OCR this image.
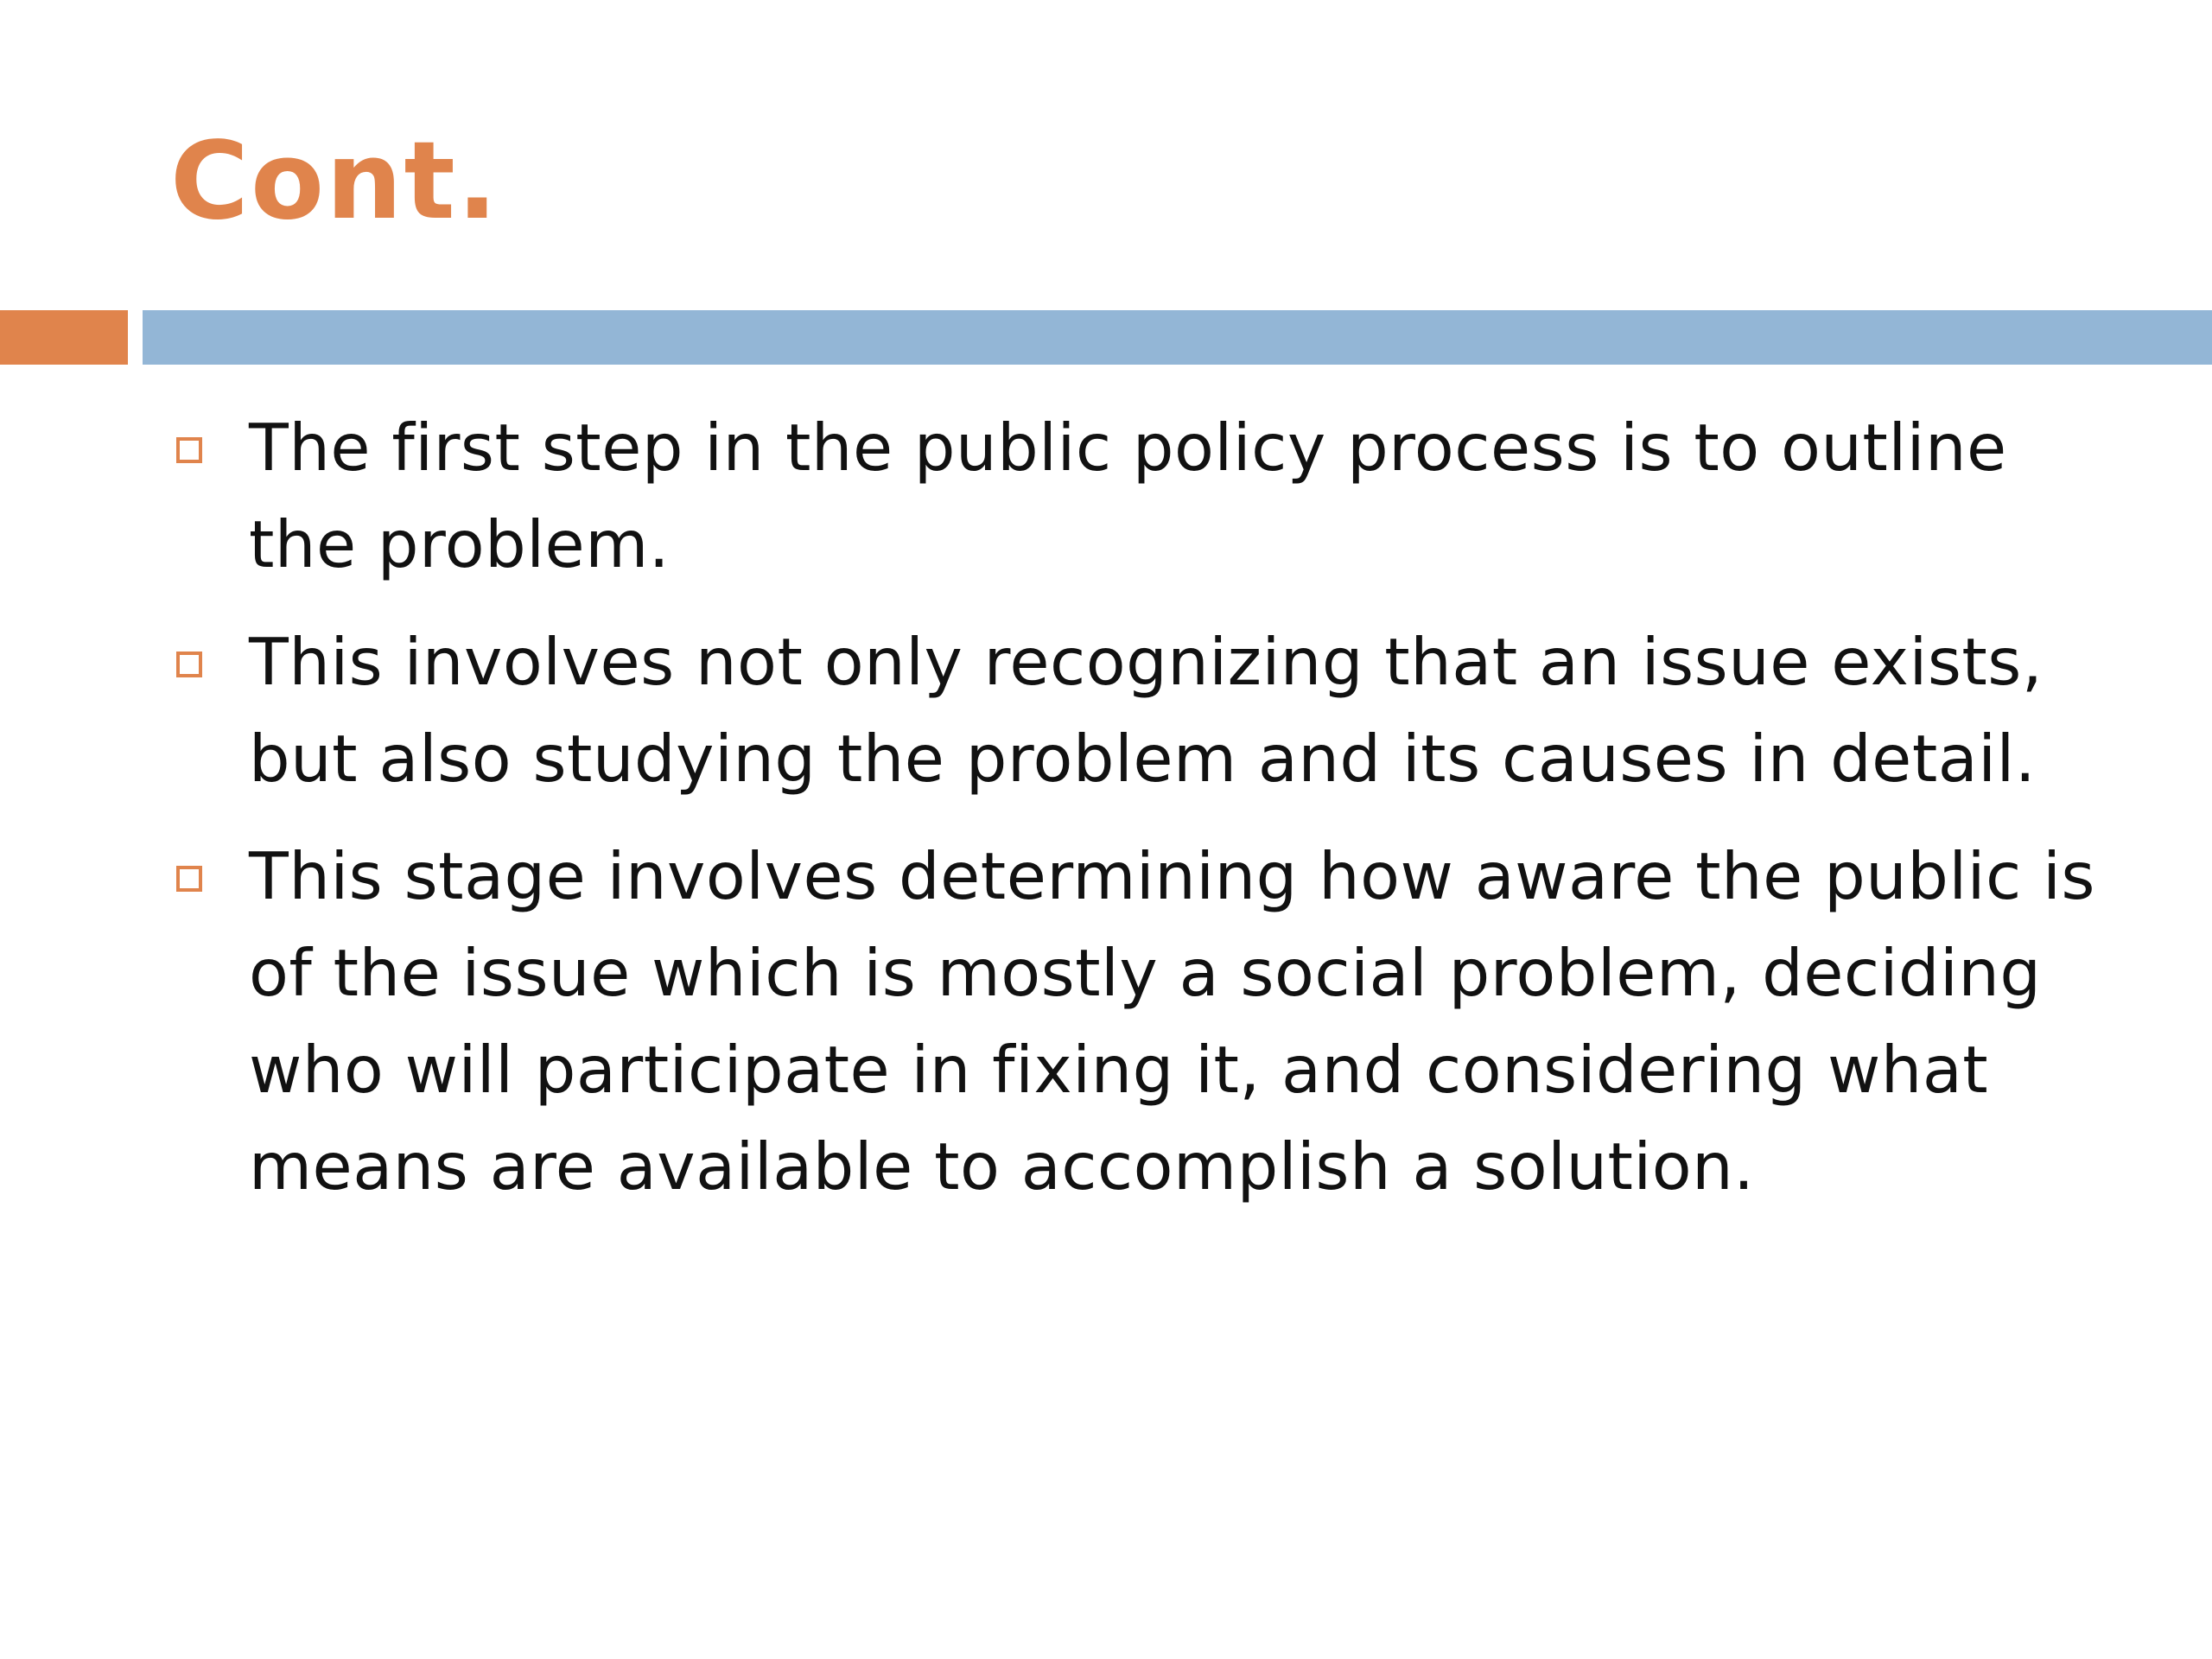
Cont.
The first step in the public policy process is to outline the problem.
This involves not only recognizing that an issue exists, but also studying the problem and its causes in detail.
This stage involves determining how aware the public is of the issue which is mostly a social problem, deciding who will participate in fixing it, and considering what means are available to accomplish a solution.
